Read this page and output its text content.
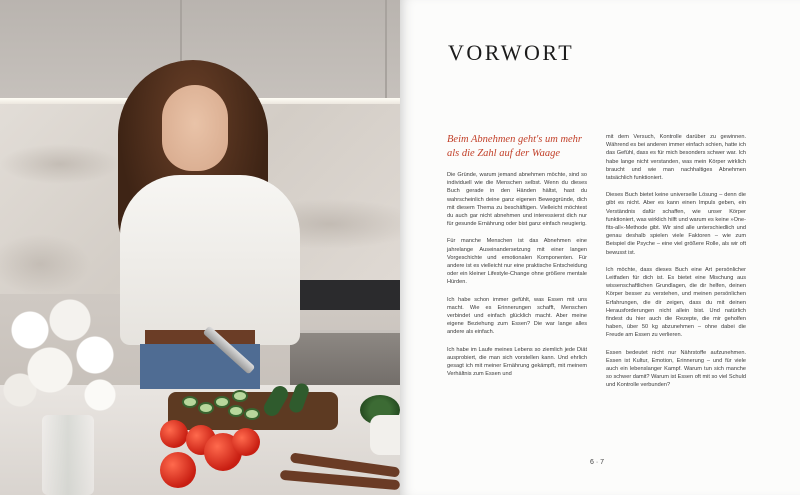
VORWORT
Beim Abnehmen geht's um mehr als die Zahl auf der Waage

Die Gründe, warum jemand abnehmen möchte, sind so individuell wie die Menschen selbst. Wenn du dieses Buch gerade in den Händen hältst, hast du wahrscheinlich deine ganz eigenen Beweggründe, dich mit diesem Thema zu beschäftigen. Vielleicht möchtest du auch gar nicht abnehmen und interessierst dich nur für gesunde Ernährung oder bist ganz einfach neugierig.

Für manche Menschen ist das Abnehmen eine jahrelange Auseinandersetzung mit einer langen Vorgeschichte und emotionalen Komponenten. Für andere ist es vielleicht nur eine praktische Entscheidung oder ein kleiner Lifestyle-Change ohne größere mentale Hürden.

Ich habe schon immer gefühlt, was Essen mit uns macht. Wie es Erinnerungen schafft, Menschen verbindet und einfach glücklich macht. Aber meine eigene Beziehung zum Essen? Die war lange alles andere als einfach.

Ich habe im Laufe meines Lebens so ziemlich jede Diät ausprobiert, die man sich vorstellen kann. Und ehrlich gesagt ich mit meiner Ernährung gekämpft, mit meinem Verhältnis zum Essen und

mit dem Versuch, Kontrolle darüber zu gewinnen. Während es bei anderen immer einfach schien, hatte ich das Gefühl, dass es für mich besonders schwer war. Ich habe lange nicht verstanden, was mein Körper wirklich braucht und wie man nachhaltiges Abnehmen tatsächlich funktioniert.

Dieses Buch bietet keine universelle Lösung – denn die gibt es nicht. Aber es kann einen Impuls geben, ein Verständnis dafür schaffen, wie unser Körper funktioniert, was wirklich hilft und warum es keine »One-fits-all«-Methode gibt. Wir sind alle unterschiedlich und genau deshalb spielen viele Faktoren – wie zum Beispiel die Psyche – eine viel größere Rolle, als wir oft bewusst ist.

Ich möchte, dass dieses Buch eine Art persönlicher Leitfaden für dich ist. Es bietet eine Mischung aus wissenschaftlichen Grundlagen, die dir helfen, deinen Körper besser zu verstehen, und meinen persönlichen Erfahrungen, die dir zeigen, dass du mit deinen Herausforderungen nicht allein bist. Und natürlich findest du hier auch die Rezepte, die mir geholfen haben, über 50 kg abzunehmen – ohne dabei die Freude am Essen zu verlieren.

Essen bedeutet nicht nur Nährstoffe aufzunehmen. Essen ist Kultur, Emotion, Erinnerung – und für viele auch ein lebenslanger Kampf. Warum tun sich manche so schwer damit? Warum ist Essen oft mit so viel Schuld und Kontrolle verbunden?

6 · 7
